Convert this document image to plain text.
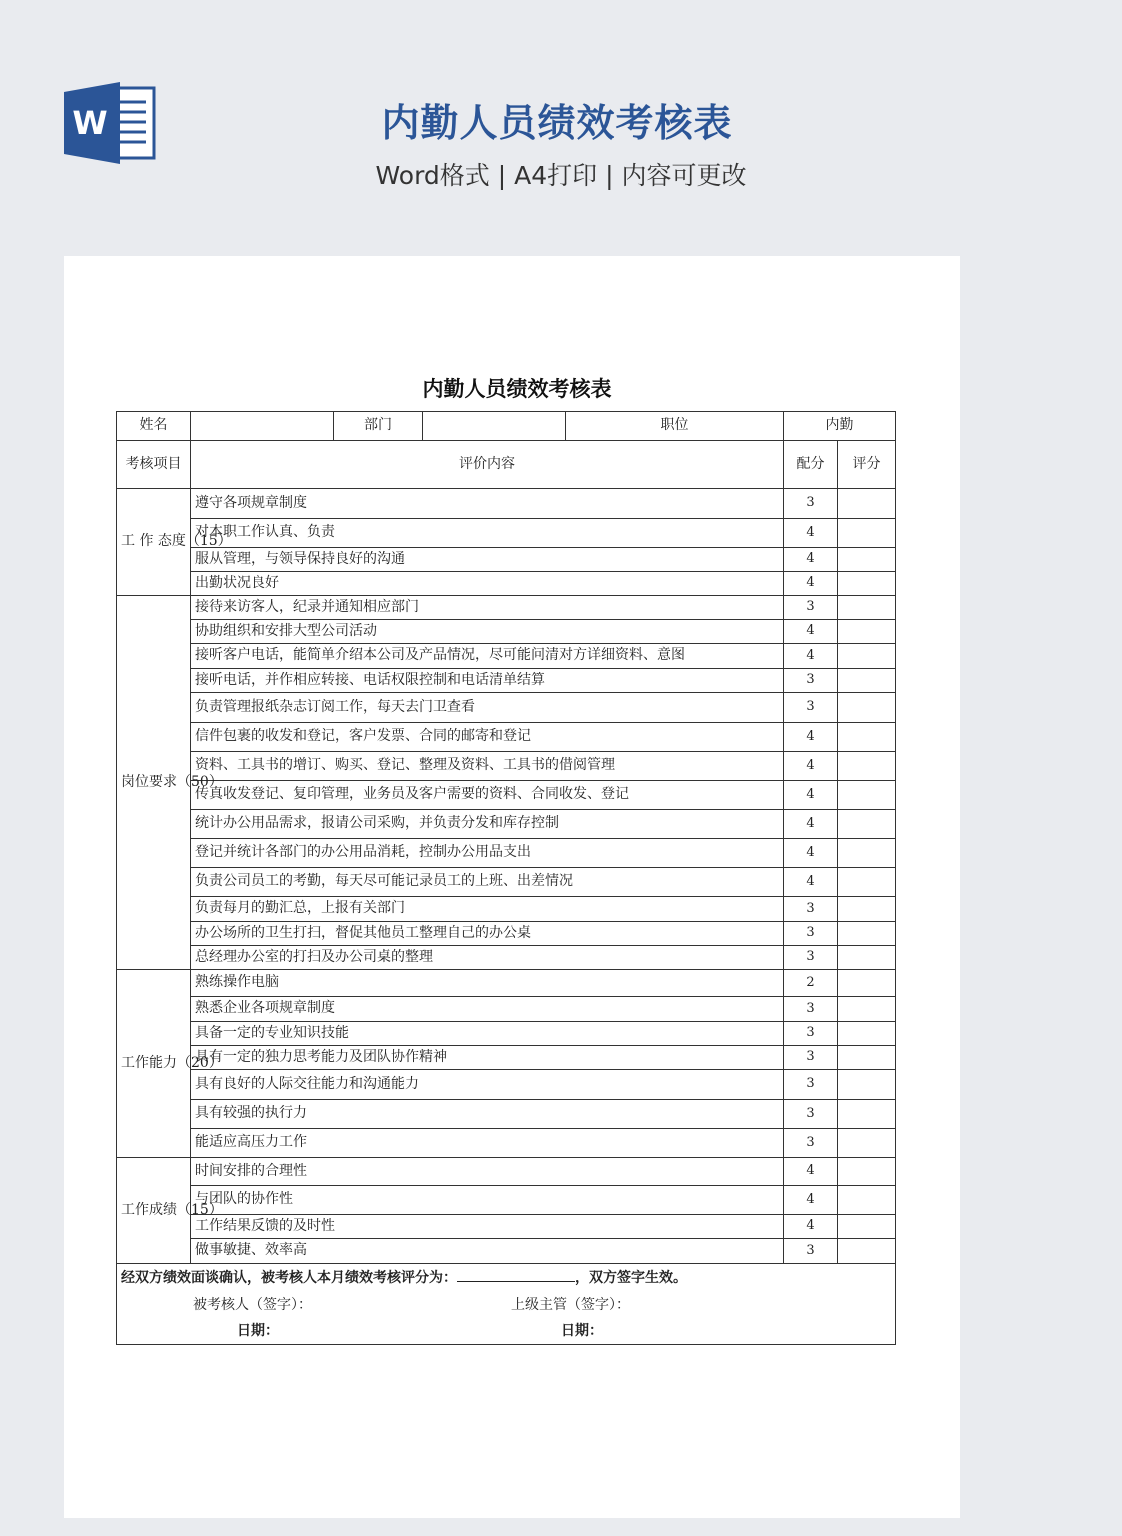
W	内勤人员绩效考核表
Word格式 | A4打印 | 内容可更改
内勤人员绩效考核表
姓名		部门		职位	内勤	
考核项目	评价内容				配分	评分
工 作 态度（15）	遵守各项规章制度				3	
	对本职工作认真、负责				4	
	服从管理，与领导保持良好的沟通				4	
	出勤状况良好				4	
岗位要求（50）	接待来访客人，纪录并通知相应部门				3	
	协助组织和安排大型公司活动				4	
	接听客户电话，能简单介绍本公司及产品情况，尽可能问清对方详细资料、意图				4	
	接听电话，并作相应转接、电话权限控制和电话清单结算				3	
	负责管理报纸杂志订阅工作，每天去门卫查看				3	
	信件包裹的收发和登记，客户发票、合同的邮寄和登记				4	
	资料、工具书的增订、购买、登记、整理及资料、工具书的借阅管理				4	
	传真收发登记、复印管理，业务员及客户需要的资料、合同收发、登记				4	
	统计办公用品需求，报请公司采购，并负责分发和库存控制				4	
	登记并统计各部门的办公用品消耗，控制办公用品支出				4	
	负责公司员工的考勤，每天尽可能记录员工的上班、出差情况				4	
	负责每月的勤汇总，上报有关部门				3	
	办公场所的卫生打扫，督促其他员工整理自己的办公桌				3	
	总经理办公室的打扫及办公司桌的整理				3	
工作能力（20）	熟练操作电脑				2	
	熟悉企业各项规章制度				3	
	具备一定的专业知识技能				3	
	具有一定的独力思考能力及团队协作精神				3	
	具有良好的人际交往能力和沟通能力				3	
	具有较强的执行力				3	
	能适应高压力工作				3	
工作成绩（15）	时间安排的合理性				4	
	与团队的协作性				4	
	工作结果反馈的及时性				4	
	做事敏捷、效率高				3	

经双方绩效面谈确认，被考核人本月绩效考核评分为： ，双方签字生效。
被考核人（签字）： 上级主管（签字）：
日期： 日期：						
